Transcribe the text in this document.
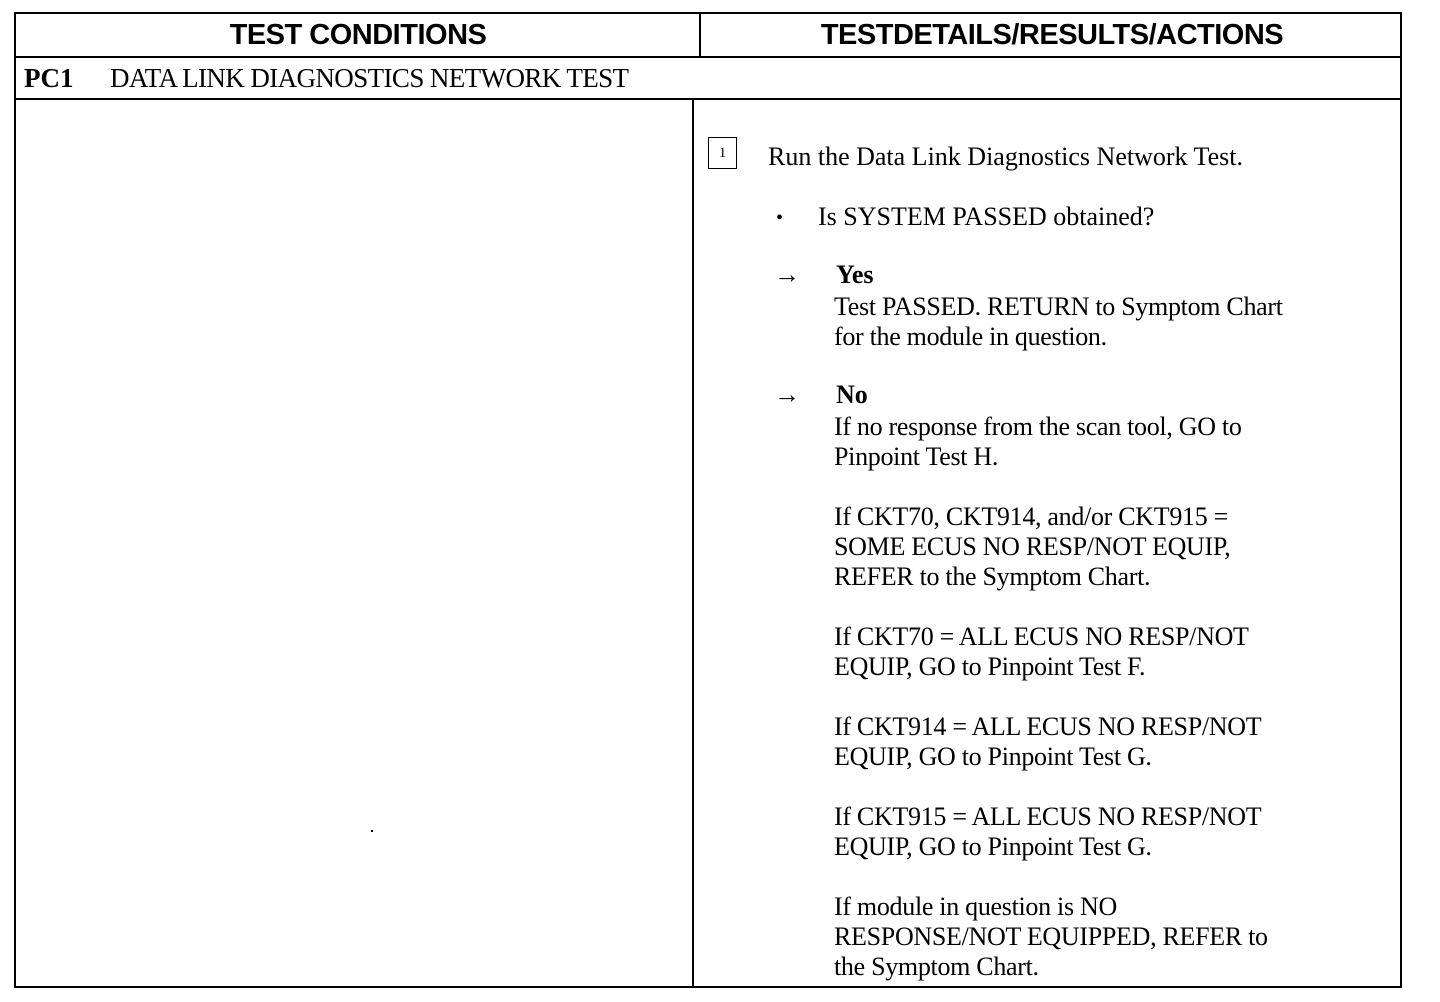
TEST CONDITIONS	TESTDETAILS/RESULTS/ACTIONS
PC1 DATA LINK DIAGNOSTICS NETWORK TEST
1	Run the Data Link Diagnostics Network Test.
• Is SYSTEM PASSED obtained?
→ Yes
Test PASSED. RETURN to Symptom Chart
for the module in question.
→ No
If no response from the scan tool, GO to
Pinpoint Test H.
If CKT70, CKT914, and/or CKT915 =
SOME ECUS NO RESP/NOT EQUIP,
REFER to the Symptom Chart.
If CKT70 = ALL ECUS NO RESP/NOT
EQUIP, GO to Pinpoint Test F.
If CKT914 = ALL ECUS NO RESP/NOT
EQUIP, GO to Pinpoint Test G.
If CKT915 = ALL ECUS NO RESP/NOT
EQUIP, GO to Pinpoint Test G.
If module in question is NO
RESPONSE/NOT EQUIPPED, REFER to
the Symptom Chart.
